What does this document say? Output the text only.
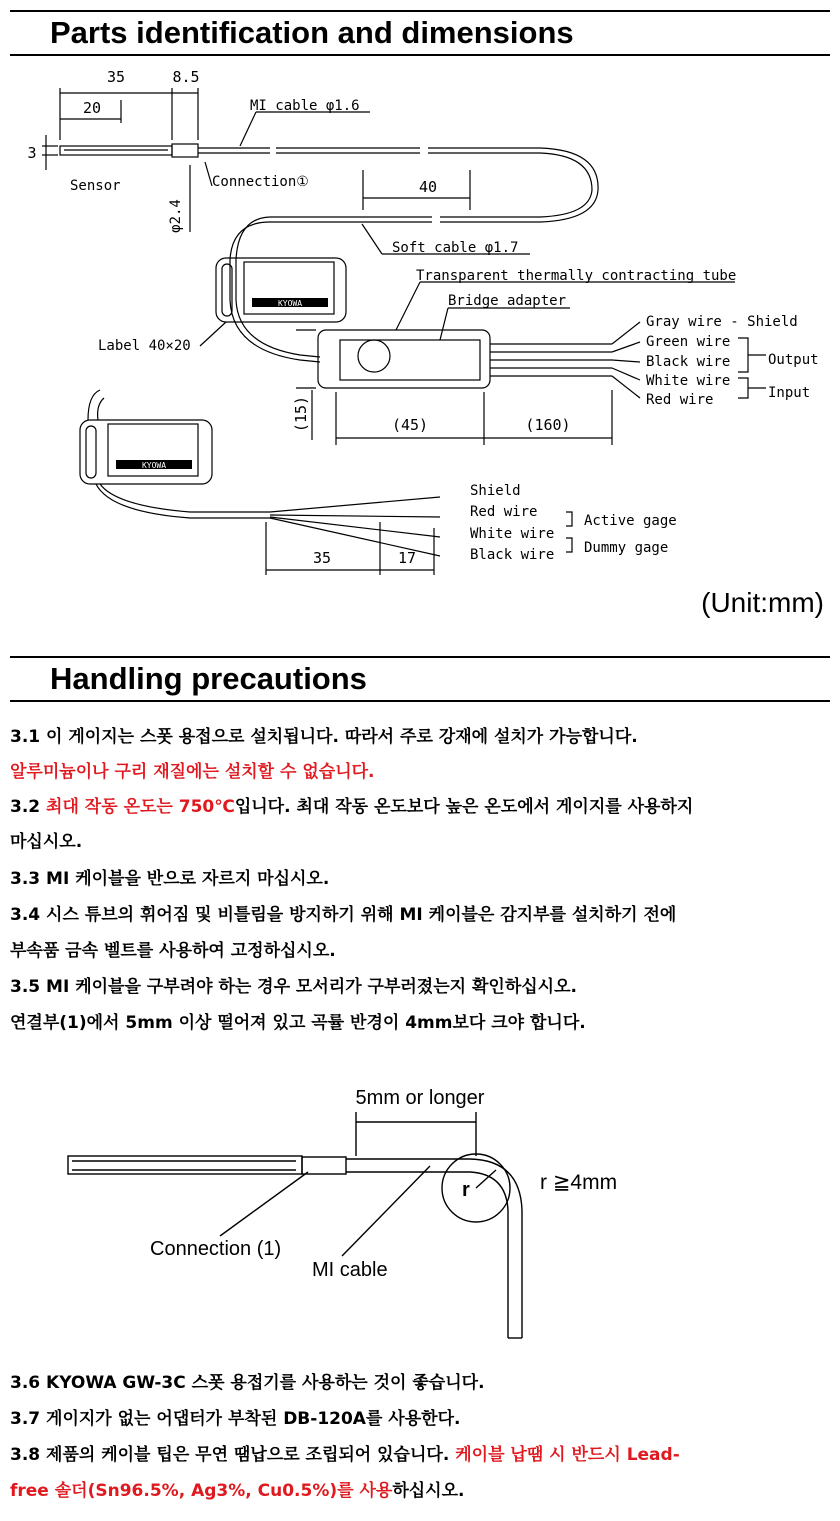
Parts identification and dimensions
KYOWA
KYOWA
35	8.5
20
3
Sensor
MI cable φ1.6
Connection①
φ2.4
40
Soft cable φ1.7
Transparent thermally contracting tube
Bridge adapter
Label 40×20
Gray wire - Shield
Green wire
Black wire
White wire
Red wire
Output
Input
(15)	(45)	(160)
Shield
Red wire
White wire
Black wire
Active gage
Dummy gage
35	17
(Unit:mm)
Handling precautions
3.1 이 게이지는 스폿 용접으로 설치됩니다. 따라서 주로 강재에 설치가 가능합니다.
알루미늄이나 구리 재질에는 설치할 수 없습니다.
3.2 최대 작동 온도는 750℃입니다. 최대 작동 온도보다 높은 온도에서 게이지를 사용하지
마십시오.
3.3 MI 케이블을 반으로 자르지 마십시오.
3.4 시스 튜브의 휘어짐 및 비틀림을 방지하기 위해 MI 케이블은 감지부를 설치하기 전에
부속품 금속 벨트를 사용하여 고정하십시오.
3.5 MI 케이블을 구부려야 하는 경우 모서리가 구부러졌는지 확인하십시오.
연결부(1)에서 5mm 이상 떨어져 있고 곡률 반경이 4mm보다 크야 합니다.
5mm or longer
r ≧4mm
r
Connection (1)
MI cable
3.6 KYOWA GW-3C 스폿 용접기를 사용하는 것이 좋습니다.
3.7 게이지가 없는 어댑터가 부착된 DB-120A를 사용한다.
3.8 제품의 케이블 팁은 무연 땜납으로 조립되어 있습니다. 케이블 납땜 시 반드시 Lead-
free 솔더(Sn96.5%, Ag3%, Cu0.5%)를 사용하십시오.
